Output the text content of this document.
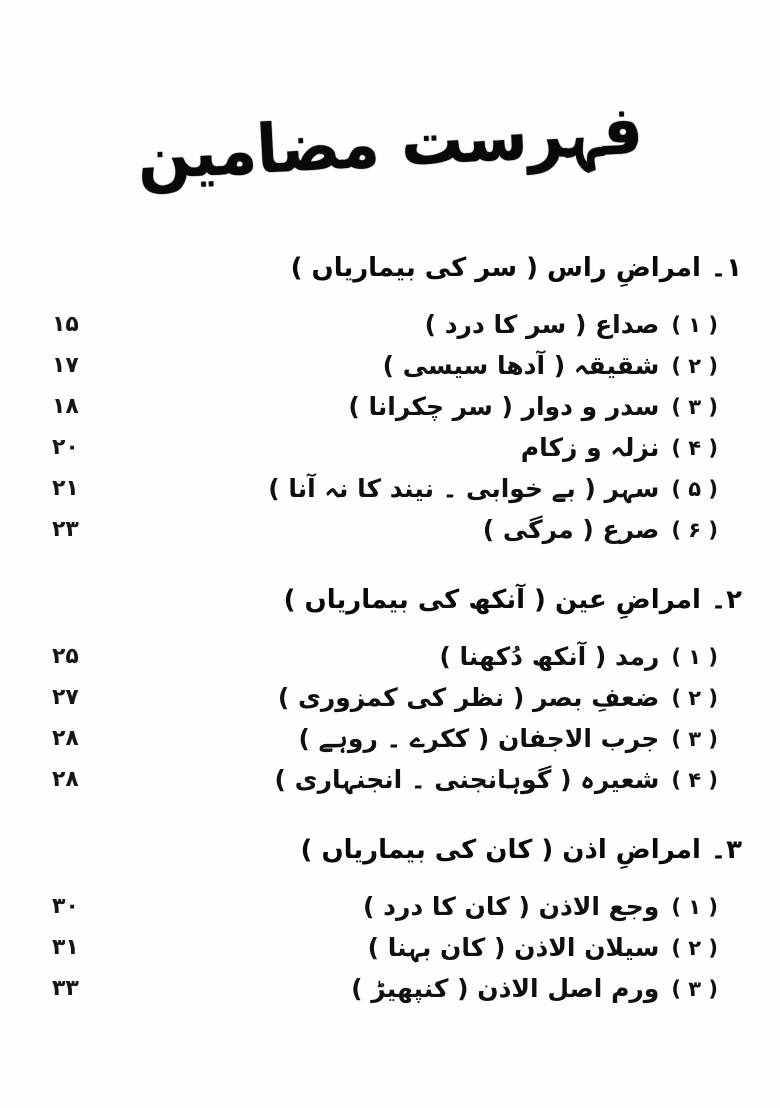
فہرست مضامین
۱۔
امراضِ راس ( سر کی بیماریاں )
( ۱ )
صداع ( سر کا درد )
۱۵
( ۲ )
شقیقہ ( آدھا سیسی )
۱۷
( ۳ )
سدر و دوار ( سر چکرانا )
۱۸
( ۴ )
نزلہ و زکام
۲۰
( ۵ )
سہر ( بے خوابی ۔ نیند کا نہ آنا )
۲۱
( ۶ )
صرع ( مرگی )
۲۳
۲۔
امراضِ عین ( آنکھ کی بیماریاں )
( ۱ )
رمد ( آنکھ دُکھنا )
۲۵
( ۲ )
ضعفِ بصر ( نظر کی کمزوری )
۲۷
( ۳ )
جرب الاجفان ( ککرے ۔ روہے )
۲۸
( ۴ )
شعیرہ ( گوہانجنی ۔ انجنہاری )
۲۸
۳۔
امراضِ اذن ( کان کی بیماریاں )
( ۱ )
وجع الاذن ( کان کا درد )
۳۰
( ۲ )
سیلان الاذن ( کان بہنا )
۳۱
( ۳ )
ورم اصل الاذن ( کنپھیڑ )
۳۳
